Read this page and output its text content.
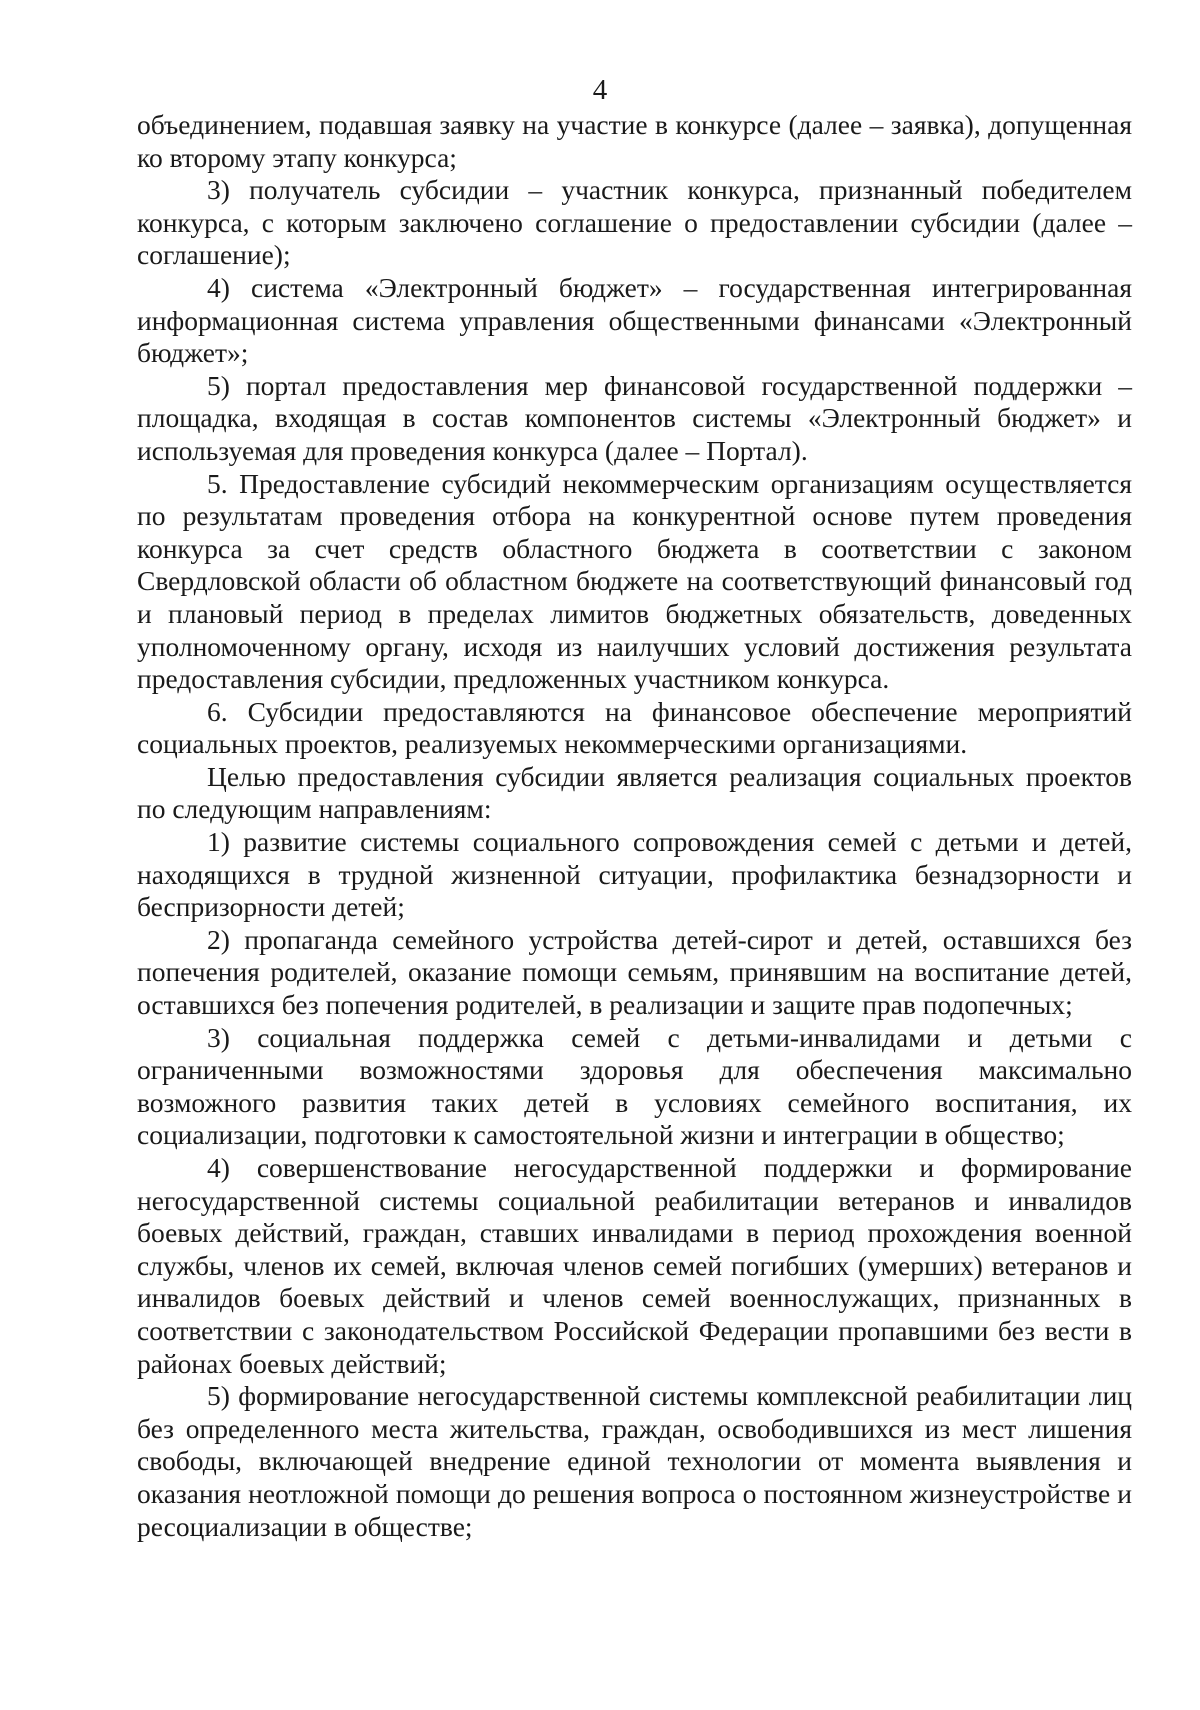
4

объединением, подавшая заявку на участие в конкурсе (далее – заявка), допущенная ко второму этапу конкурса;

3) получатель субсидии – участник конкурса, признанный победителем конкурса, с которым заключено соглашение о предоставлении субсидии (далее – соглашение);

4) система «Электронный бюджет» – государственная интегрированная информационная система управления общественными финансами «Электронный бюджет»;

5) портал предоставления мер финансовой государственной поддержки – площадка, входящая в состав компонентов системы «Электронный бюджет» и используемая для проведения конкурса (далее – Портал).

5. Предоставление субсидий некоммерческим организациям осуществляется по результатам проведения отбора на конкурентной основе путем проведения конкурса за счет средств областного бюджета в соответствии с законом Свердловской области об областном бюджете на соответствующий финансовый год и плановый период в пределах лимитов бюджетных обязательств, доведенных уполномоченному органу, исходя из наилучших условий достижения результата предоставления субсидии, предложенных участником конкурса.

6. Субсидии предоставляются на финансовое обеспечение мероприятий социальных проектов, реализуемых некоммерческими организациями.

Целью предоставления субсидии является реализация социальных проектов по следующим направлениям:

1) развитие системы социального сопровождения семей с детьми и детей, находящихся в трудной жизненной ситуации, профилактика безнадзорности и беспризорности детей;

2) пропаганда семейного устройства детей-сирот и детей, оставшихся без попечения родителей, оказание помощи семьям, принявшим на воспитание детей, оставшихся без попечения родителей, в реализации и защите прав подопечных;

3) социальная поддержка семей с детьми-инвалидами и детьми с ограниченными возможностями здоровья для обеспечения максимально возможного развития таких детей в условиях семейного воспитания, их социализации, подготовки к самостоятельной жизни и интеграции в общество;

4) совершенствование негосударственной поддержки и формирование негосударственной системы социальной реабилитации ветеранов и инвалидов боевых действий, граждан, ставших инвалидами в период прохождения военной службы, членов их семей, включая членов семей погибших (умерших) ветеранов и инвалидов боевых действий и членов семей военнослужащих, признанных в соответствии с законодательством Российской Федерации пропавшими без вести в районах боевых действий;

5) формирование негосударственной системы комплексной реабилитации лиц без определенного места жительства, граждан, освободившихся из мест лишения свободы, включающей внедрение единой технологии от момента выявления и оказания неотложной помощи до решения вопроса о постоянном жизнеустройстве и ресоциализации в обществе;
